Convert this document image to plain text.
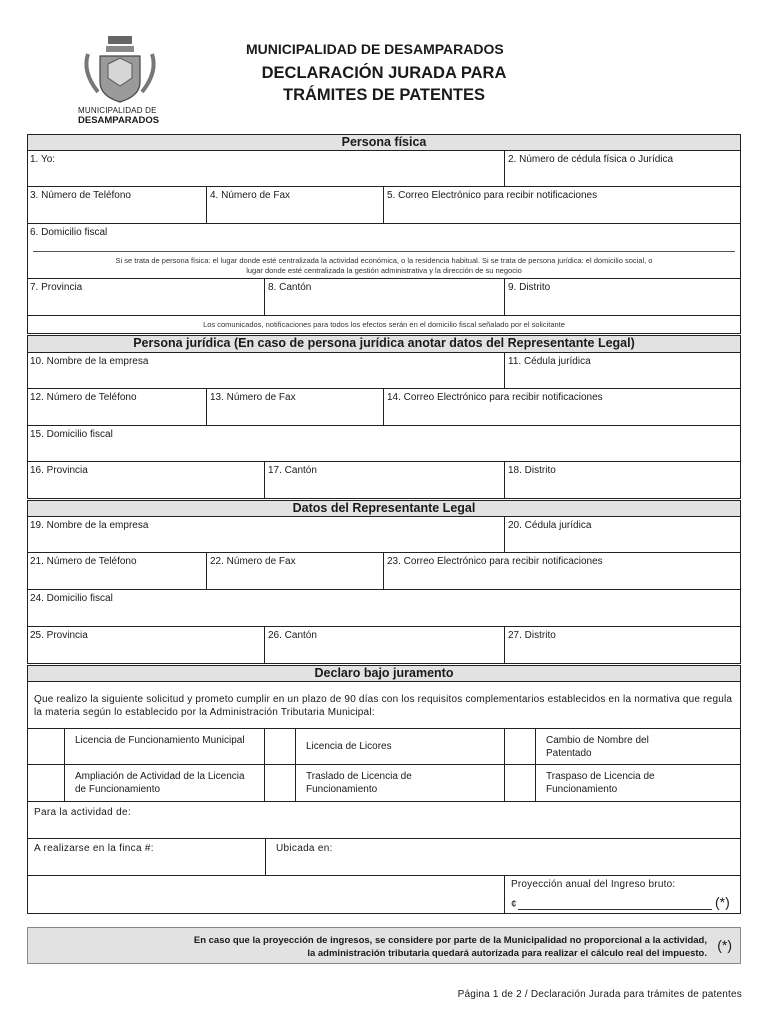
MUNICIPALIDAD DE
DESAMPARADOS
MUNICIPALIDAD DE DESAMPARADOS
DECLARACIÓN JURADA PARA
TRÁMITES DE PATENTES
Persona física
1. Yo:	2. Número de cédula física o Jurídica
3. Número de Teléfono	4. Número de Fax	5. Correo Electrónico para recibir notificaciones
6. Domicilio fiscal
Si se trata de persona física: el lugar donde esté centralizada la actividad económica, o la residencia habitual. Si se trata de persona jurídica: el domicilio social, o
lugar donde esté centralizada la gestión administrativa y la dirección de su negocio
7. Provincia	8. Cantón	9. Distrito
Los comunicados, notificaciones para todos los efectos serán en el domicilio fiscal señalado por el solicitante
Persona jurídica (En caso de persona jurídica anotar datos del Representante Legal)
10. Nombre de la empresa	11. Cédula jurídica
12. Número de Teléfono	13. Número de Fax	14. Correo Electrónico para recibir notificaciones
15. Domicilio fiscal
16. Provincia	17. Cantón	18. Distrito
Datos del Representante Legal
19. Nombre de la empresa	20. Cédula jurídica
21. Número de Teléfono	22. Número de Fax	23. Correo Electrónico para recibir notificaciones
24. Domicilio fiscal
25. Provincia	26. Cantón	27. Distrito
Declaro bajo juramento
Que realizo la siguiente solicitud y prometo cumplir en un plazo de 90 días con los requisitos complementarios establecidos en la normativa que regula la materia según lo establecido por la Administración Tributaria Municipal:
Licencia de Funcionamiento Municipal
Licencia de Licores
Cambio de Nombre del Patentado
Ampliación de Actividad de la Licencia de Funcionamiento
Traslado de Licencia de Funcionamiento
Traspaso de Licencia de Funcionamiento
Para la actividad de:
A realizarse en la finca #:	Ubicada en:
Proyección anual del Ingreso bruto:
¢	(*)
En caso que la proyección de ingresos, se considere por parte de la Municipalidad no proporcional a la actividad,
la administración tributaria quedará autorizada para realizar el cálculo real del impuesto.
(*)
Página 1 de 2 / Declaración Jurada para trámites de patentes
